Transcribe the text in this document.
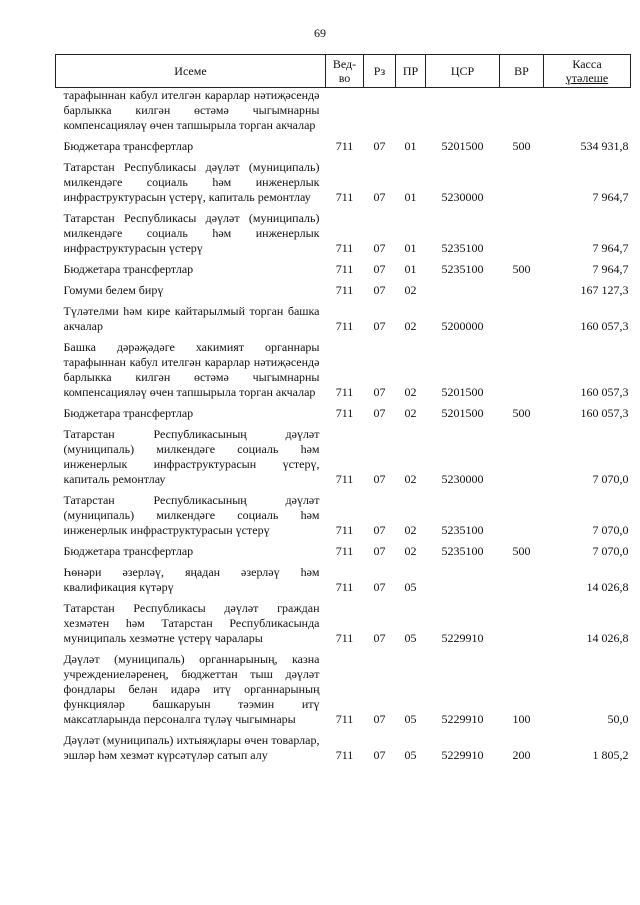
69
Исеме	Вед-во	Рз	ПР	ЦСР	ВР	Касса
үтәлеше
тарафыннан кабул ителгән карарлар нәтиҗәсендә барлыкка килгән өстәмә чыгымнарны компенсацияләү өчен тапшырыла торган акчалар						

Бюджетара трансфертлар	711	07	01	5201500	500	534 931,8

Татарстан Республикасы дәүләт (муниципаль) милкендәге социаль һәм инженерлык инфраструктурасын үстерү, капиталь ремонтлау	711	07	01	5230000		7 964,7

Татарстан Республикасы дәүләт (муниципаль) милкендәге социаль һәм инженерлык инфраструктурасын үстерү	711	07	01	5235100		7 964,7

Бюджетара трансфертлар	711	07	01	5235100	500	7 964,7

Гомуми белем бирү	711	07	02			167 127,3

Түләтелми һәм кире кайтарылмый торган башка акчалар	711	07	02	5200000		160 057,3

Башка дәрәҗәдәге хакимият органнары тарафыннан кабул ителгән карарлар нәтиҗәсендә барлыкка килгән өстәмә чыгымнарны компенсацияләү өчен тапшырыла торган акчалар	711	07	02	5201500		160 057,3

Бюджетара трансфертлар	711	07	02	5201500	500	160 057,3

Татарстан Республикасының дәүләт (муниципаль) милкендәге социаль һәм инженерлык инфраструктурасын үстерү, капиталь ремонтлау	711	07	02	5230000		7 070,0

Татарстан Республикасының дәүләт (муниципаль) милкендәге социаль һәм инженерлык инфраструктурасын үстерү	711	07	02	5235100		7 070,0

Бюджетара трансфертлар	711	07	02	5235100	500	7 070,0

Һөнәри әзерләү, яңадан әзерләү һәм квалификация күтәрү	711	07	05			14 026,8

Татарстан Республикасы дәүләт граждан хезмәтен һәм Татарстан Республикасында муниципаль хезмәтне үстерү чаралары	711	07	05	5229910		14 026,8

Дәүләт (муниципаль) органнарының, казна учреждениеләренең, бюджеттан тыш дәүләт фондлары белән идарә итү органнарының функцияләр башкаруын тәэмин итү максатларында персоналга түләү чыгымнары	711	07	05	5229910	100	50,0

Дәүләт (муниципаль) ихтыяҗлары өчен товарлар, эшләр һәм хезмәт күрсәтүләр сатып алу	711	07	05	5229910	200	1 805,2
